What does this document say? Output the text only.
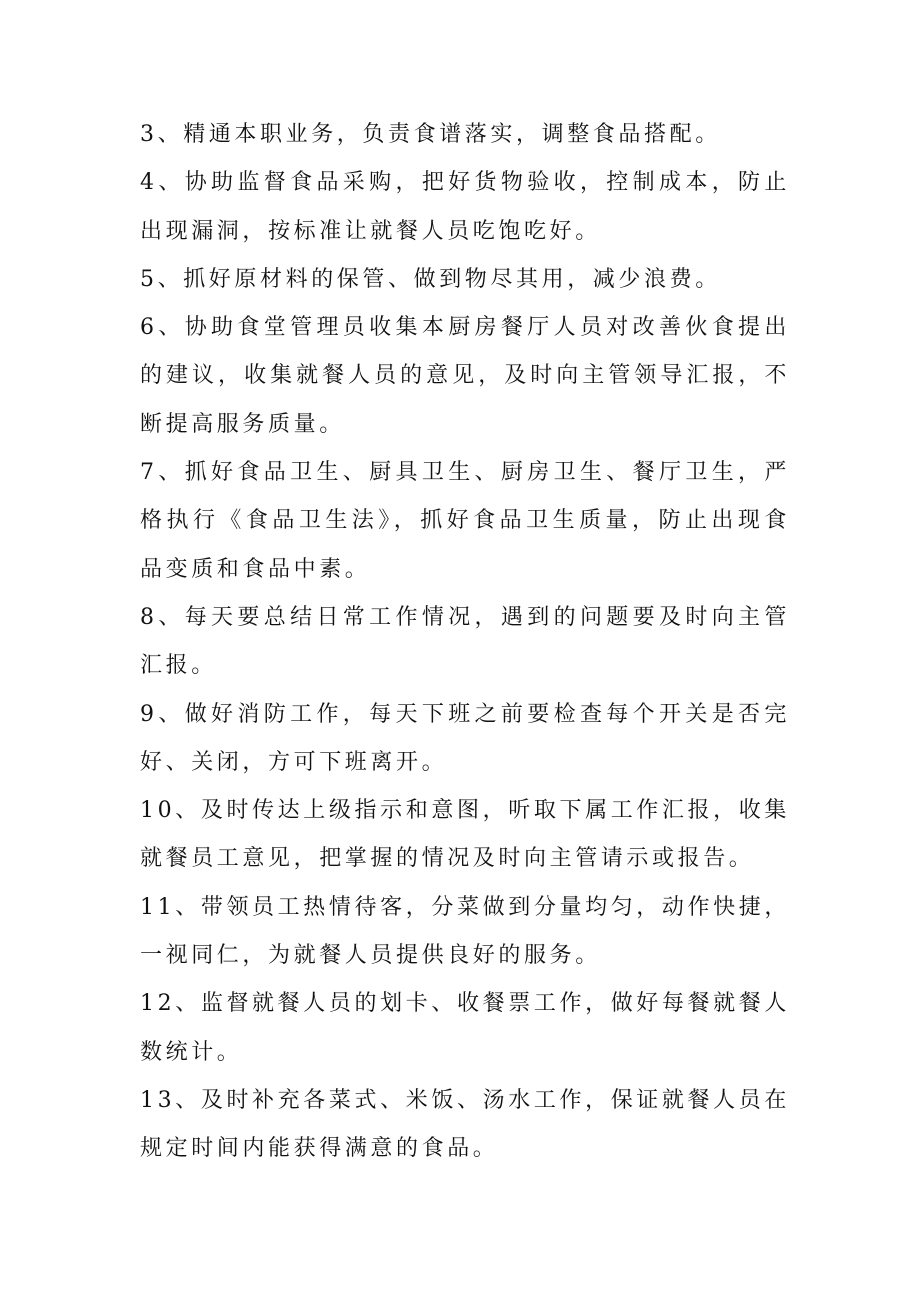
3、精通本职业务，负责食谱落实，调整食品搭配。

4、协助监督食品采购，把好货物验收，控制成本，防止出现漏洞，按标准让就餐人员吃饱吃好。

5、抓好原材料的保管、做到物尽其用，减少浪费。

6、协助食堂管理员收集本厨房餐厅人员对改善伙食提出的建议，收集就餐人员的意见，及时向主管领导汇报，不断提高服务质量。

7、抓好食品卫生、厨具卫生、厨房卫生、餐厅卫生，严格执行《食品卫生法》，抓好食品卫生质量，防止出现食品变质和食品中素。

8、每天要总结日常工作情况，遇到的问题要及时向主管汇报。

9、做好消防工作，每天下班之前要检查每个开关是否完好、关闭，方可下班离开。

10、及时传达上级指示和意图，听取下属工作汇报，收集就餐员工意见，把掌握的情况及时向主管请示或报告。

11、带领员工热情待客，分菜做到分量均匀，动作快捷，一视同仁，为就餐人员提供良好的服务。

12、监督就餐人员的划卡、收餐票工作，做好每餐就餐人数统计。

13、及时补充各菜式、米饭、汤水工作，保证就餐人员在规定时间内能获得满意的食品。
